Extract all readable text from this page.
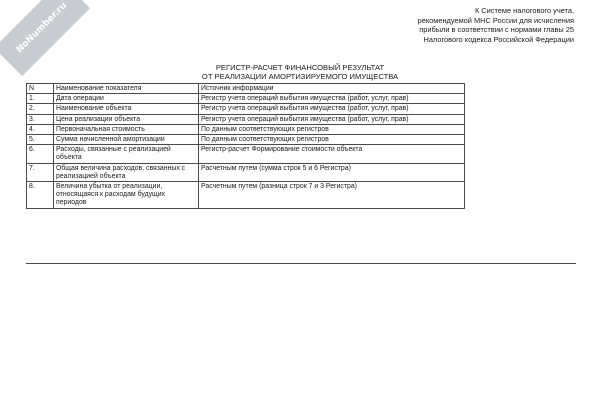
NoNumber.ru	К Системе налогового учета,
рекомендуемой МНС России для исчисления
прибыли в соответствии с нормами главы 25
Налогового кодекса Российской Федерации
РЕГИСТР-РАСЧЕТ ФИНАНСОВЫЙ РЕЗУЛЬТАТ
ОТ РЕАЛИЗАЦИИ АМОРТИЗИРУЕМОГО ИМУЩЕСТВА
N	Наименование показателя	Источник информации
1.	Дата операции	Регистр учета операций выбытия имущества (работ, услуг, прав)
2.	Наименование объекта	Регистр учета операций выбытия имущества (работ, услуг, прав)
3.	Цена реализации объекта	Регистр учета операций выбытия имущества (работ, услуг, прав)
4.	Первоначальная стоимость	По данным соответствующих регистров
5.	Сумма начисленной амортизации	По данным соответствующих регистров
6.	Расходы, связанные с реализацией объекта	Регистр-расчет Формирование стоимости объекта
7.	Общая величина расходов, связанных с реализацией объекта	Расчетным путем (сумма строк 5 и 6 Регистра)
8.	Величина убытка от реализации, относящаяся к расходам будущих периодов	Расчетным путем (разница строк 7 и 3 Регистра)
